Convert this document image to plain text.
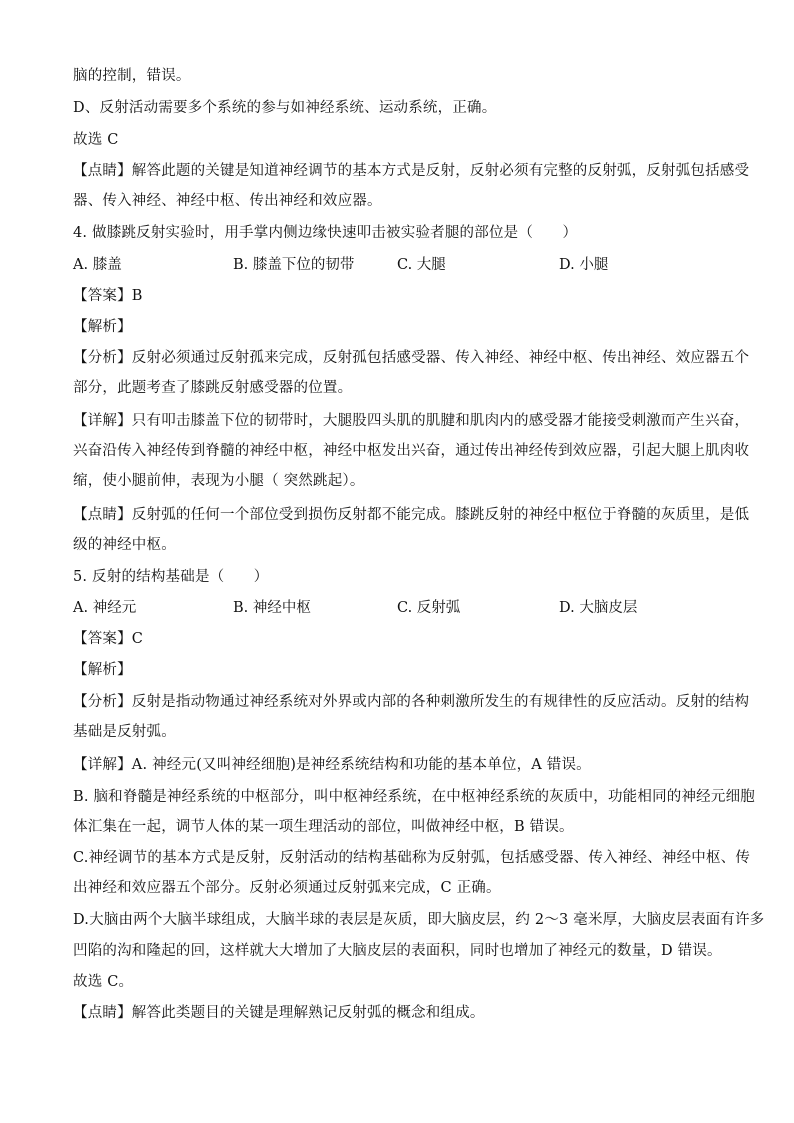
脑的控制，错误。
D、反射活动需要多个系统的参与如神经系统、运动系统，正确。
故选 C
【点睛】解答此题的关键是知道神经调节的基本方式是反射，反射必须有完整的反射弧，反射弧包括感受
器、传入神经、神经中枢、传出神经和效应器。
4. 做膝跳反射实验时，用手掌内侧边缘快速叩击被实验者腿的部位是（　　）
A. 膝盖	B. 膝盖下位的韧带	C. 大腿	D. 小腿
【答案】B
【解析】
【分析】反射必须通过反射孤来完成，反射孤包括感受器、传入神经、神经中枢、传出神经、效应器五个
部分，此题考查了膝跳反射感受器的位置。
【详解】只有叩击膝盖下位的韧带时，大腿股四头肌的肌腱和肌肉内的感受器才能接受刺激而产生兴奋，
兴奋沿传入神经传到脊髓的神经中枢，神经中枢发出兴奋，通过传出神经传到效应器，引起大腿上肌肉收
缩，使小腿前伸，表现为小腿（ 突然跳起）。
【点睛】反射弧的任何一个部位受到损伤反射都不能完成。膝跳反射的神经中枢位于脊髓的灰质里，是低
级的神经中枢。
5. 反射的结构基础是（　　）
A. 神经元	B. 神经中枢	C. 反射弧	D. 大脑皮层
【答案】C
【解析】
【分析】反射是指动物通过神经系统对外界或内部的各种刺激所发生的有规律性的反应活动。反射的结构
基础是反射弧。
【详解】A. 神经元(又叫神经细胞)是神经系统结构和功能的基本单位，A 错误。
B. 脑和脊髓是神经系统的中枢部分，叫中枢神经系统，在中枢神经系统的灰质中，功能相同的神经元细胞
体汇集在一起，调节人体的某一项生理活动的部位，叫做神经中枢，B 错误。
C.神经调节的基本方式是反射，反射活动的结构基础称为反射弧，包括感受器、传入神经、神经中枢、传
出神经和效应器五个部分。反射必须通过反射弧来完成，C 正确。
D.大脑由两个大脑半球组成，大脑半球的表层是灰质，即大脑皮层，约 2～3 毫米厚，大脑皮层表面有许多
凹陷的沟和隆起的回，这样就大大增加了大脑皮层的表面积，同时也增加了神经元的数量，D 错误。
故选 C。
【点睛】解答此类题目的关键是理解熟记反射弧的概念和组成。
